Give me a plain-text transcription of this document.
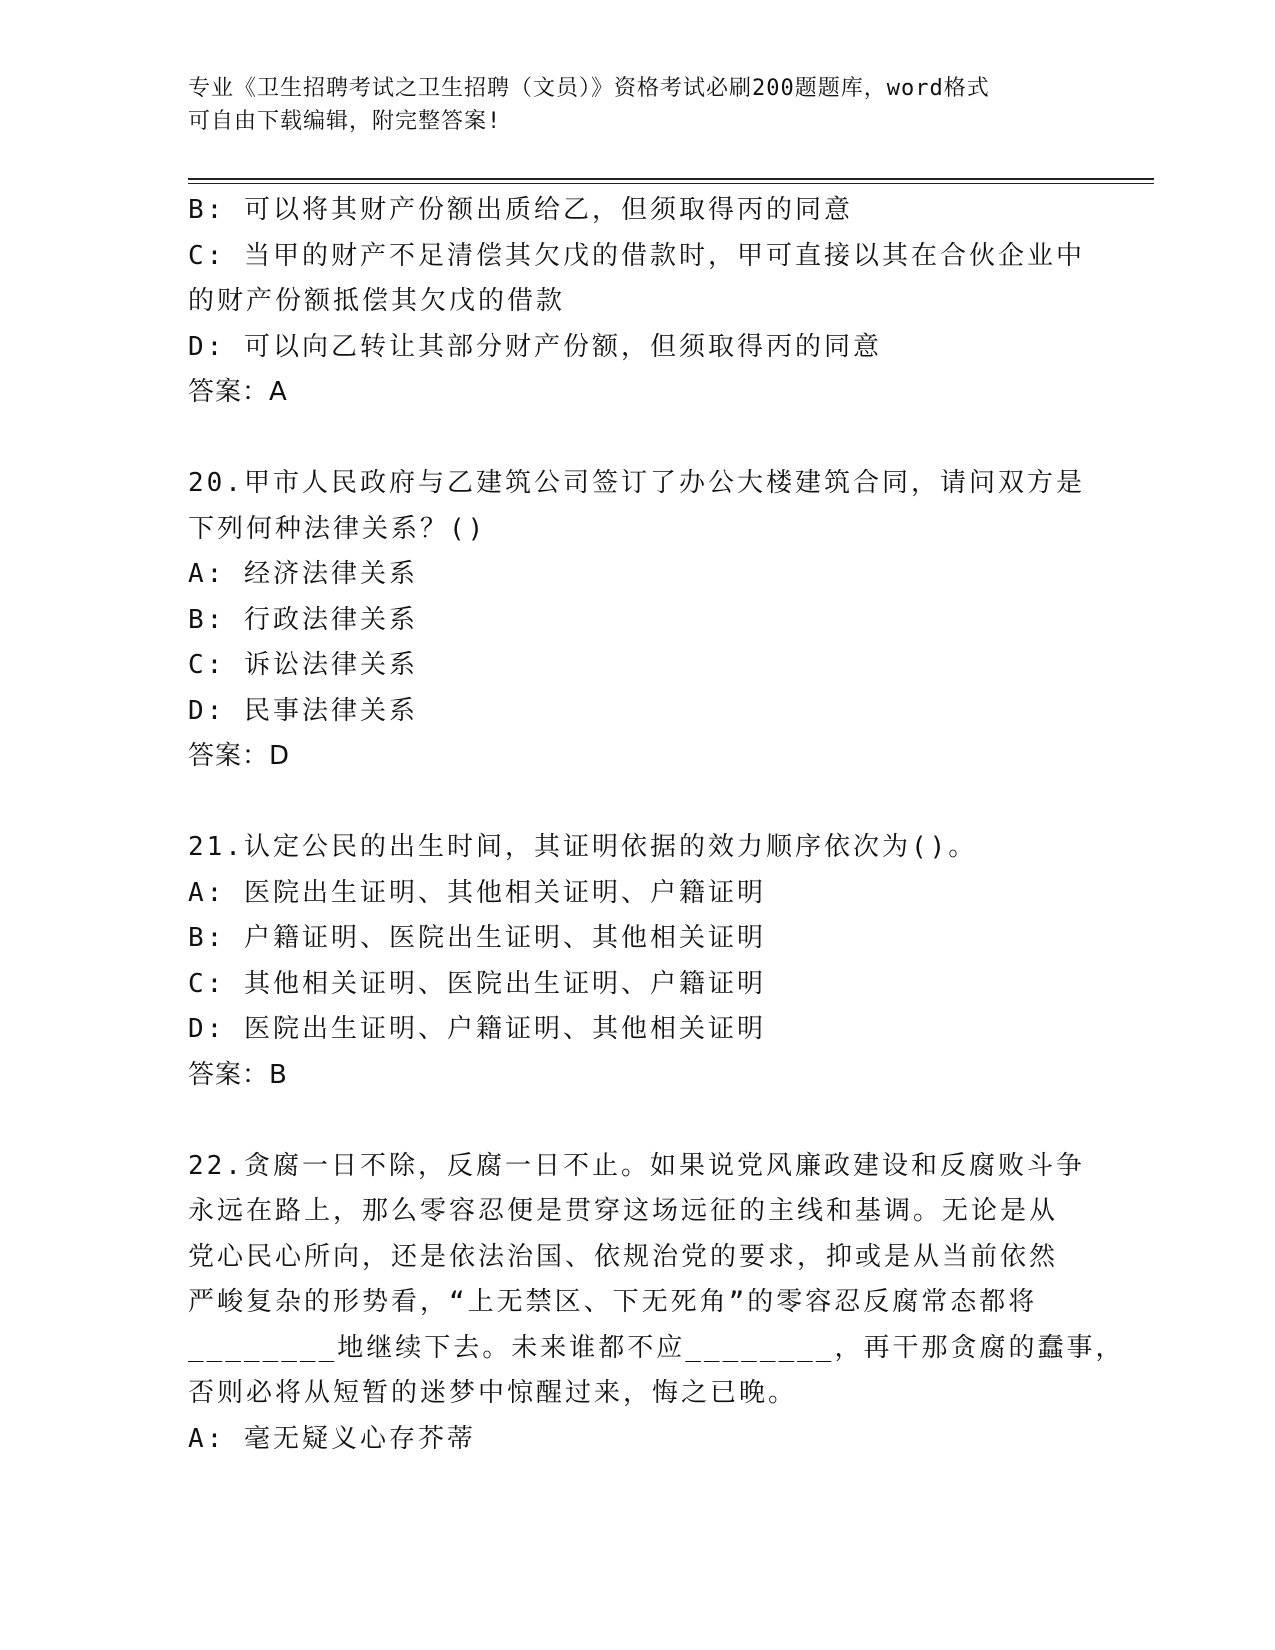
专业《卫生招聘考试之卫生招聘（文员）》资格考试必刷200题题库，word格式
可自由下载编辑，附完整答案!
B: 可以将其财产份额出质给乙，但须取得丙的同意
C: 当甲的财产不足清偿其欠戊的借款时，甲可直接以其在合伙企业中
的财产份额抵偿其欠戊的借款
D: 可以向乙转让其部分财产份额，但须取得丙的同意
答案：A
20.甲市人民政府与乙建筑公司签订了办公大楼建筑合同，请问双方是
下列何种法律关系？()
A: 经济法律关系
B: 行政法律关系
C: 诉讼法律关系
D: 民事法律关系
答案：D
21.认定公民的出生时间，其证明依据的效力顺序依次为()。
A: 医院出生证明、其他相关证明、户籍证明
B: 户籍证明、医院出生证明、其他相关证明
C: 其他相关证明、医院出生证明、户籍证明
D: 医院出生证明、户籍证明、其他相关证明
答案：B
22.贪腐一日不除，反腐一日不止。如果说党风廉政建设和反腐败斗争
永远在路上，那么零容忍便是贯穿这场远征的主线和基调。无论是从
党心民心所向，还是依法治国、依规治党的要求，抑或是从当前依然
严峻复杂的形势看，“上无禁区、下无死角”的零容忍反腐常态都将
________地继续下去。未来谁都不应________，再干那贪腐的蠢事，
否则必将从短暂的迷梦中惊醒过来，悔之已晚。
A: 毫无疑义心存芥蒂
